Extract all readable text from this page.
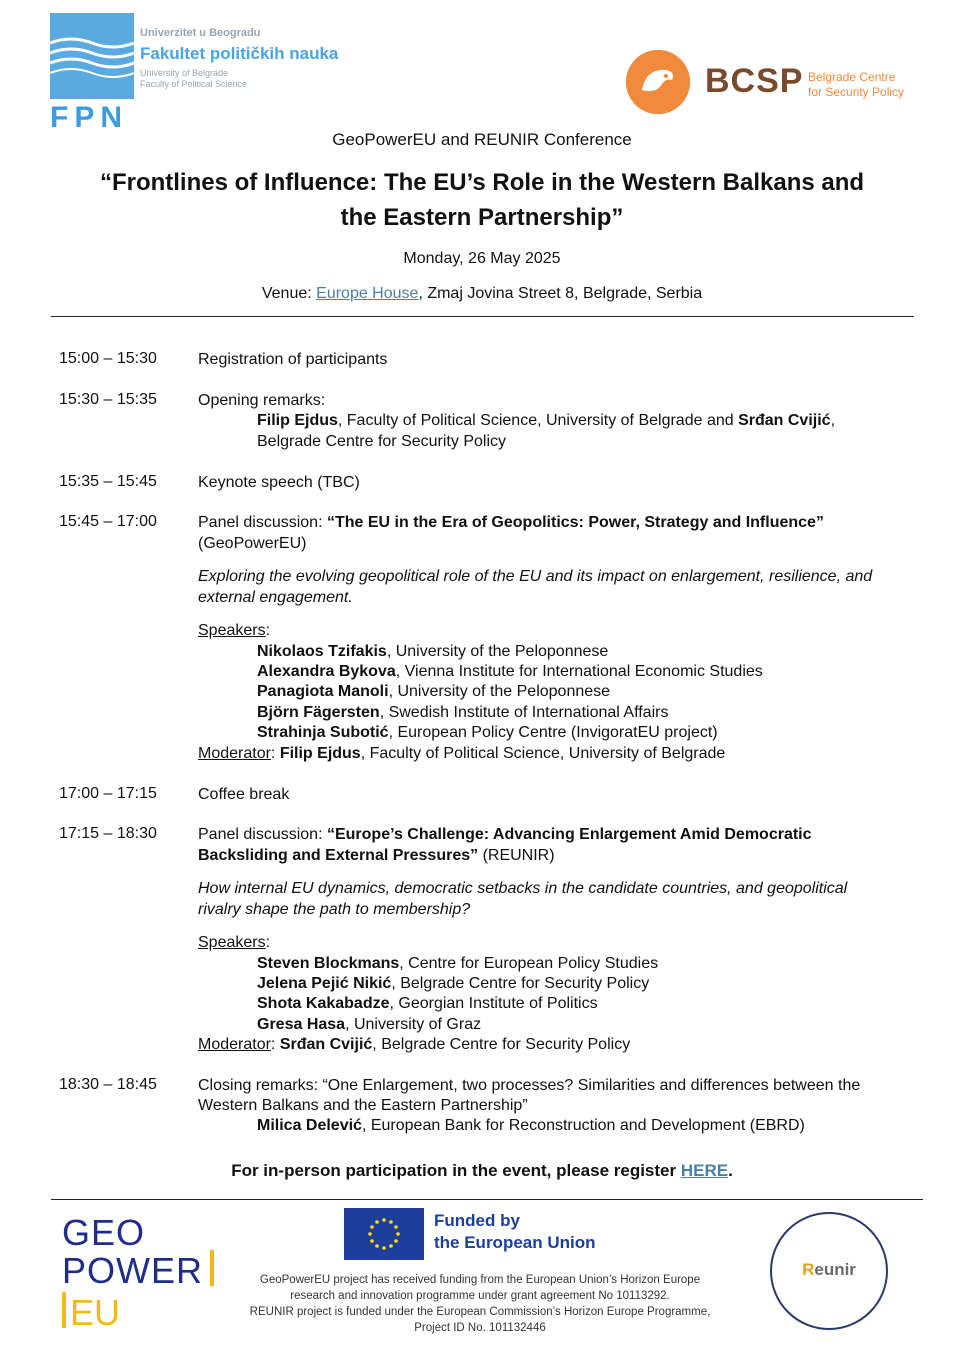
FPN
Univerzitet u Beogradu
Fakultet političkih nauka
University of Belgrade
Faculty of Political Science	BCSP Belgrade Centre
for Security Policy
GeoPowerEU and REUNIR Conference
“Frontlines of Influence: The EU’s Role in the Western Balkans and
the Eastern Partnership”
Monday, 26 May 2025
Venue: Europe House, Zmaj Jovina Street 8, Belgrade, Serbia
15:00 – 15:30	Registration of participants
15:30 – 15:35	Opening remarks:
Filip Ejdus, Faculty of Political Science, University of Belgrade and Srđan Cvijić,
Belgrade Centre for Security Policy
15:35 – 15:45	Keynote speech (TBC)
15:45 – 17:00	Panel discussion: “The EU in the Era of Geopolitics: Power, Strategy and Influence”
(GeoPowerEU)
Exploring the evolving geopolitical role of the EU and its impact on enlargement, resilience, and
external engagement.
Speakers:
Nikolaos Tzifakis, University of the Peloponnese
Alexandra Bykova, Vienna Institute for International Economic Studies
Panagiota Manoli, University of the Peloponnese
Björn Fägersten, Swedish Institute of International Affairs
Strahinja Subotić, European Policy Centre (InvigoratEU project)
Moderator: Filip Ejdus, Faculty of Political Science, University of Belgrade
17:00 – 17:15	Coffee break
17:15 – 18:30	Panel discussion: “Europe’s Challenge: Advancing Enlargement Amid Democratic
Backsliding and External Pressures” (REUNIR)
How internal EU dynamics, democratic setbacks in the candidate countries, and geopolitical
rivalry shape the path to membership?
Speakers:
Steven Blockmans, Centre for European Policy Studies
Jelena Pejić Nikić, Belgrade Centre for Security Policy
Shota Kakabadze, Georgian Institute of Politics
Gresa Hasa, University of Graz
Moderator: Srđan Cvijić, Belgrade Centre for Security Policy
18:30 – 18:45	Closing remarks: “One Enlargement, two processes? Similarities and differences between the
Western Balkans and the Eastern Partnership”
Milica Delević, European Bank for Reconstruction and Development (EBRD)
For in-person participation in the event, please register HERE.
GEO
POWER
EU
Funded by
the European Union
GeoPowerEU project has received funding from the European Union’s Horizon Europe
research and innovation programme under grant agreement No 10113292.
REUNIR project is funded under the European Commission’s Horizon Europe Programme,
Project ID No. 101132446
Reunir
